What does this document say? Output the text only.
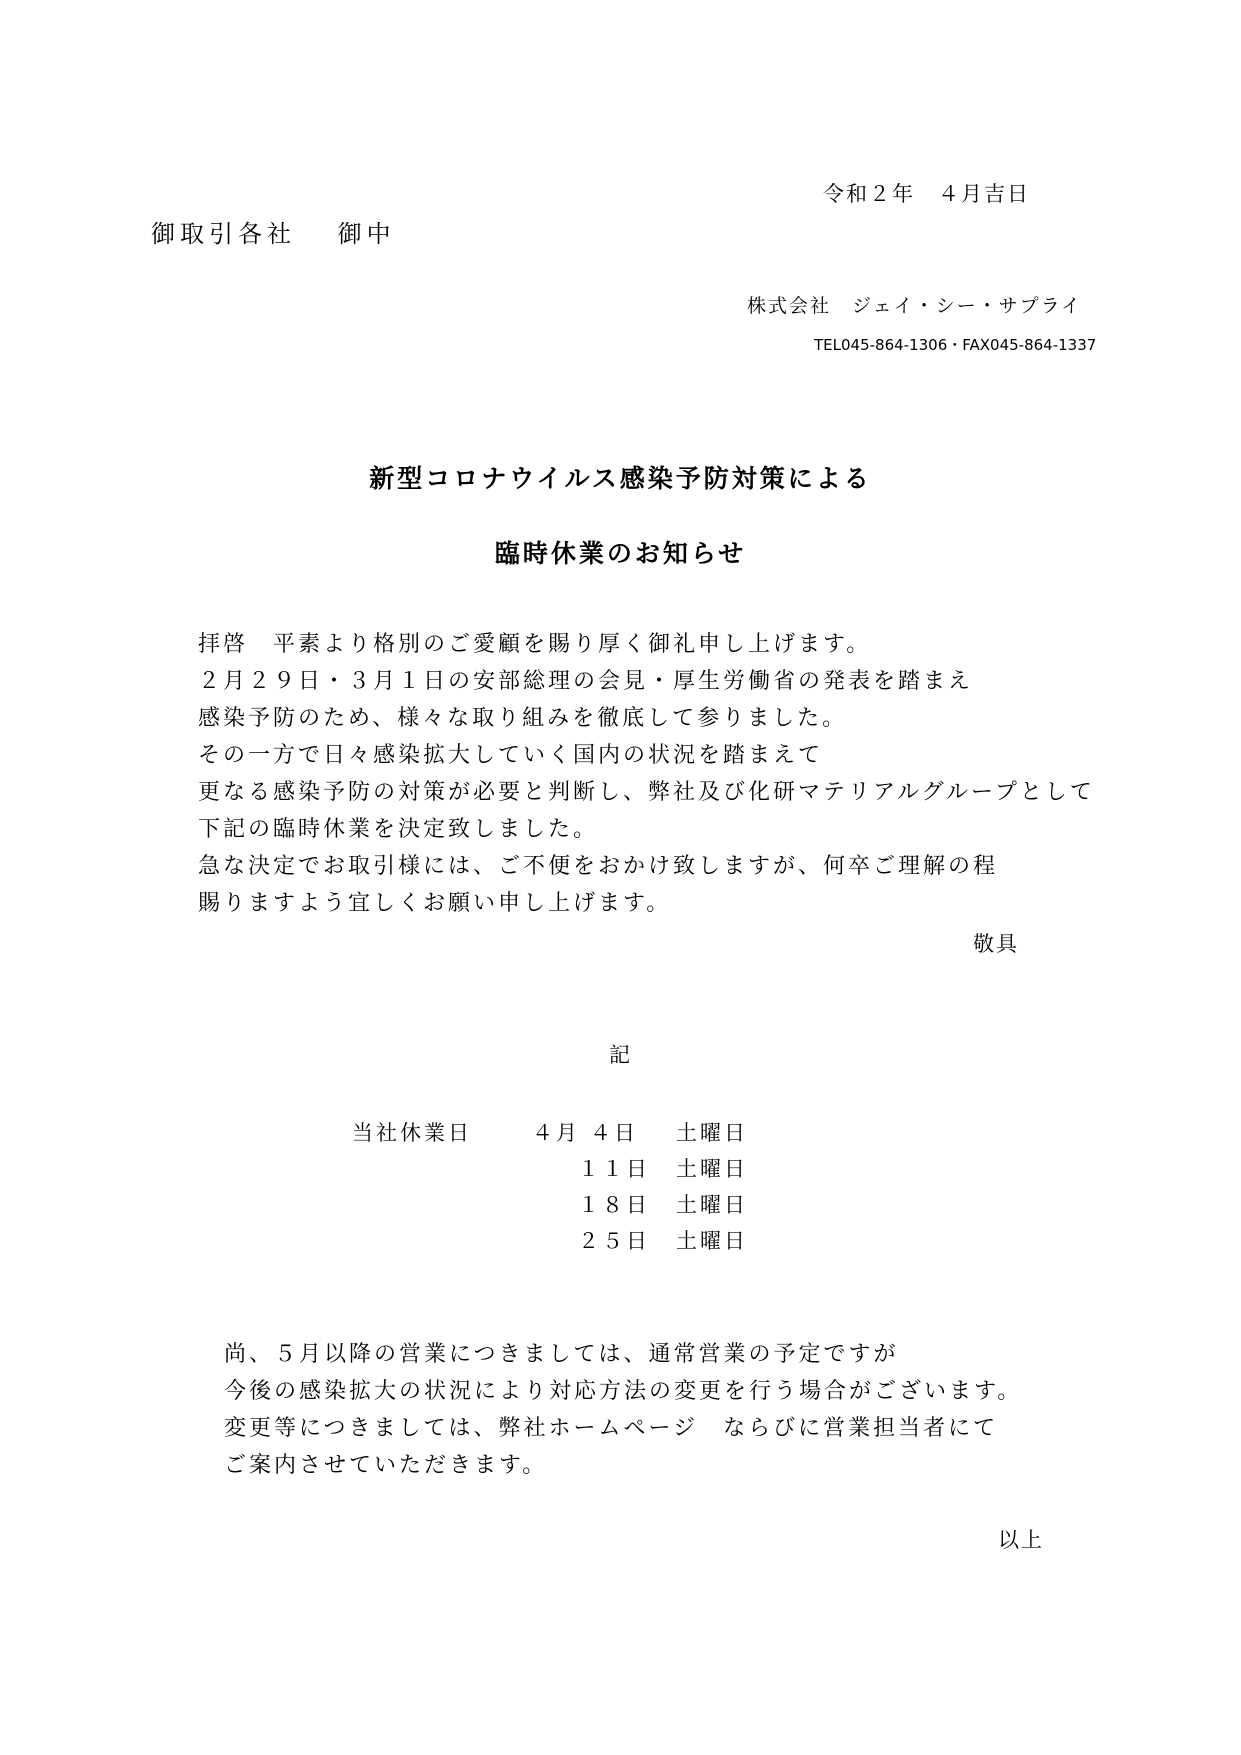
令和２年　４月吉日
御取引各社　 御中
株式会社　ジェイ・シー・サプライ
TEL045-864-1306・FAX045-864-1337
新型コロナウイルス感染予防対策による
臨時休業のお知らせ
拝啓　平素より格別のご愛顧を賜り厚く御礼申し上げます。
２月２９日・３月１日の安部総理の会見・厚生労働省の発表を踏まえ
感染予防のため、様々な取り組みを徹底して参りました。
その一方で日々感染拡大していく国内の状況を踏まえて
更なる感染予防の対策が必要と判断し、弊社及び化研マテリアルグループとして
下記の臨時休業を決定致しました。
急な決定でお取引様には、ご不便をおかけ致しますが、何卒ご理解の程
賜りますよう宜しくお願い申し上げます。
敬具
記
当社休業日	４月 ４日 土曜日
１１日 土曜日
１８日 土曜日
２５日 土曜日
尚、５月以降の営業につきましては、通常営業の予定ですが
今後の感染拡大の状況により対応方法の変更を行う場合がございます。
変更等につきましては、弊社ホームページ　ならびに営業担当者にて
ご案内させていただきます。
以上
